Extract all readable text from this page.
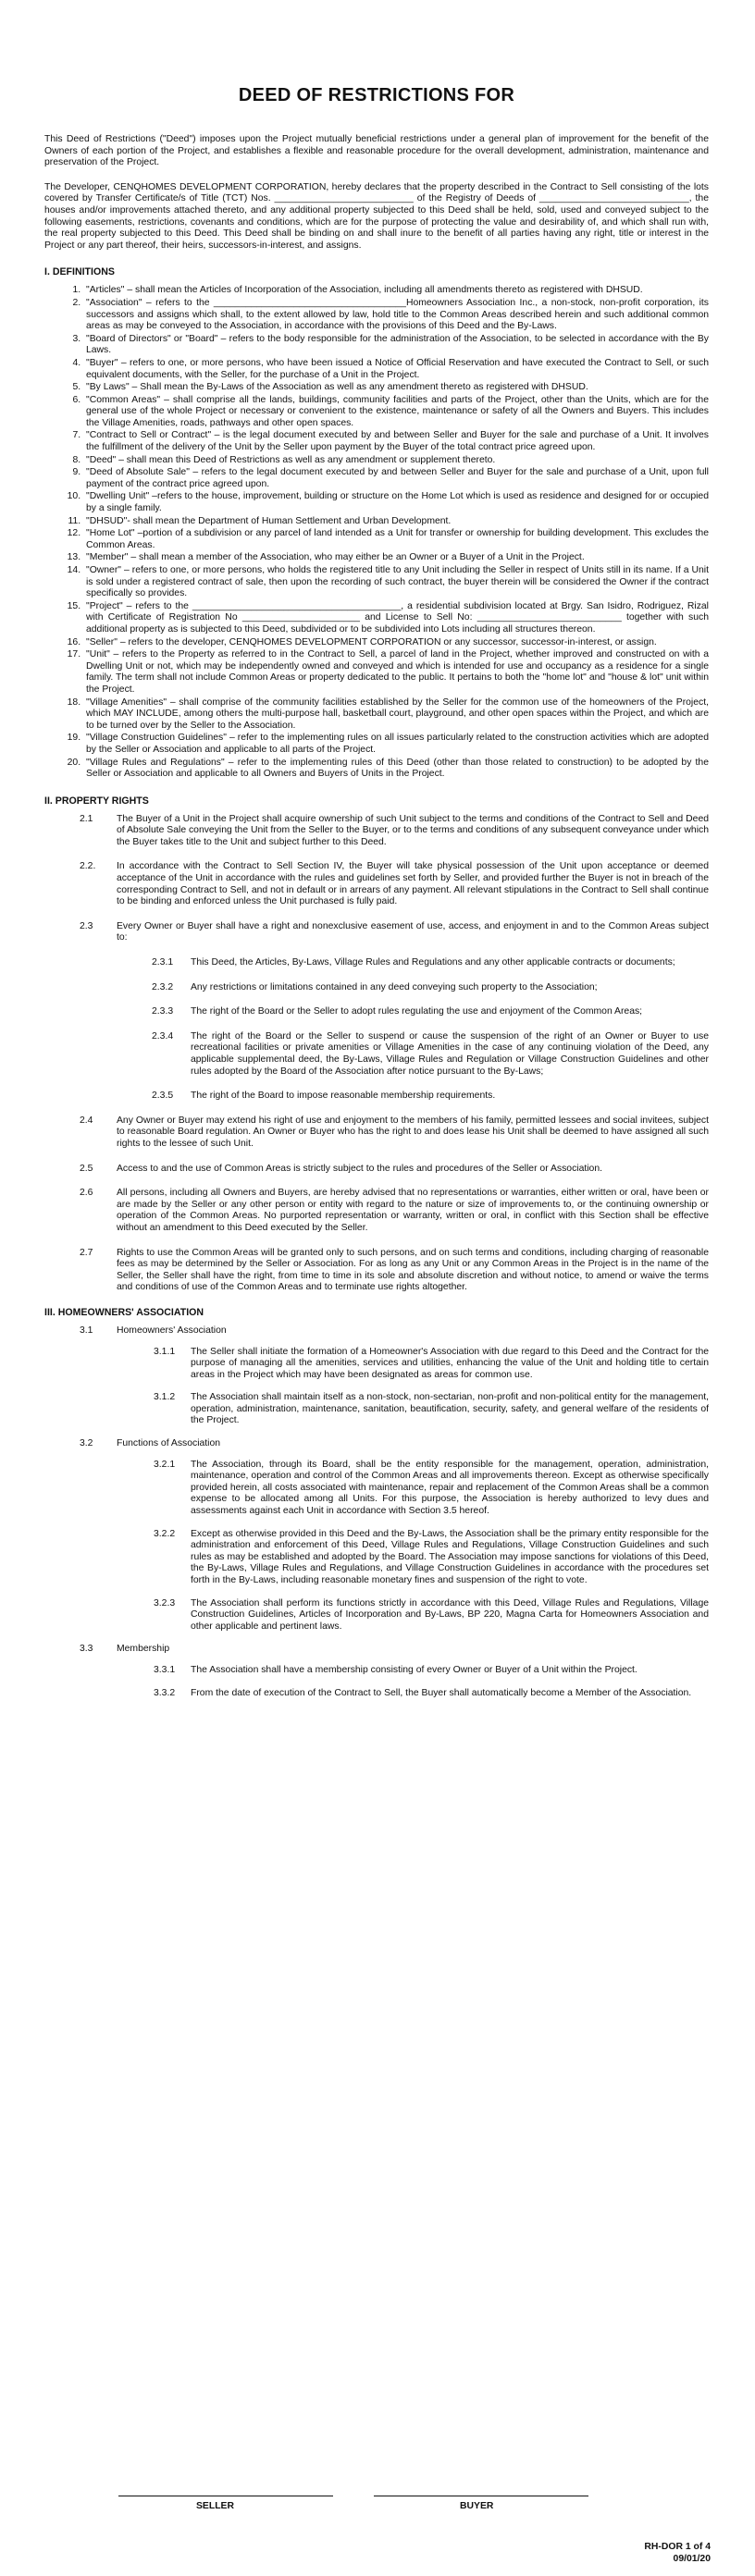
DEED OF RESTRICTIONS FOR

This Deed of Restrictions ("Deed") imposes upon the Project mutually beneficial restrictions under a general plan of improvement for the benefit of the Owners of each portion of the Project, and establishes a flexible and reasonable procedure for the overall development, administration, maintenance and preservation of the Project.

The Developer, CENQHOMES DEVELOPMENT CORPORATION, hereby declares that the property described in the Contract to Sell consisting of the lots covered by Transfer Certificate/s of Title (TCT) Nos. __________________________ of the Registry of Deeds of ____________________________, the houses and/or improvements attached thereto, and any additional property subjected to this Deed shall be held, sold, used and conveyed subject to the following easements, restrictions, covenants and conditions, which are for the purpose of protecting the value and desirability of, and which shall run with, the real property subjected to this Deed. This Deed shall be binding on and shall inure to the benefit of all parties having any right, title or interest in the Project or any part thereof, their heirs, successors-in-interest, and assigns.

I. DEFINITIONS
1. "Articles" – shall mean the Articles of Incorporation of the Association, including all amendments thereto as registered with DHSUD.
2. "Association" – refers to the ____________________________________Homeowners Association Inc., a non-stock, non-profit corporation, its successors and assigns which shall, to the extent allowed by law, hold title to the Common Areas described herein and such additional common areas as may be conveyed to the Association, in accordance with the provisions of this Deed and the By-Laws.
3. "Board of Directors" or "Board" – refers to the body responsible for the administration of the Association, to be selected in accordance with the By Laws.
4. "Buyer" – refers to one, or more persons, who have been issued a Notice of Official Reservation and have executed the Contract to Sell, or such equivalent documents, with the Seller, for the purchase of a Unit in the Project.
5. "By Laws" – Shall mean the By-Laws of the Association as well as any amendment thereto as registered with DHSUD.
6. "Common Areas" – shall comprise all the lands, buildings, community facilities and parts of the Project, other than the Units, which are for the general use of the whole Project or necessary or convenient to the existence, maintenance or safety of all the Owners and Buyers. This includes the Village Amenities, roads, pathways and other open spaces.
7. "Contract to Sell or Contract" – is the legal document executed by and between Seller and Buyer for the sale and purchase of a Unit. It involves the fulfillment of the delivery of the Unit by the Seller upon payment by the Buyer of the total contract price agreed upon.
8. "Deed" – shall mean this Deed of Restrictions as well as any amendment or supplement thereto.
9. "Deed of Absolute Sale" – refers to the legal document executed by and between Seller and Buyer for the sale and purchase of a Unit, upon full payment of the contract price agreed upon.
10. "Dwelling Unit" –refers to the house, improvement, building or structure on the Home Lot which is used as residence and designed for or occupied by a single family.
11. "DHSUD"- shall mean the Department of Human Settlement and Urban Development.
12. "Home Lot" –portion of a subdivision or any parcel of land intended as a Unit for transfer or ownership for building development. This excludes the Common Areas.
13. "Member" – shall mean a member of the Association, who may either be an Owner or a Buyer of a Unit in the Project.
14. "Owner" – refers to one, or more persons, who holds the registered title to any Unit including the Seller in respect of Units still in its name. If a Unit is sold under a registered contract of sale, then upon the recording of such contract, the buyer therein will be considered the Owner if the contract specifically so provides.
15. "Project" – refers to the _______________________________________, a residential subdivision located at Brgy. San Isidro, Rodriguez, Rizal with Certificate of Registration No ______________________ and License to Sell No: ___________________________ together with such additional property as is subjected to this Deed, subdivided or to be subdivided into Lots including all structures thereon.
16. "Seller" – refers to the developer, CENQHOMES DEVELOPMENT CORPORATION or any successor, successor-in-interest, or assign.
17. "Unit" – refers to the Property as referred to in the Contract to Sell, a parcel of land in the Project, whether improved and constructed on with a Dwelling Unit or not, which may be independently owned and conveyed and which is intended for use and occupancy as a residence for a single family. The term shall not include Common Areas or property dedicated to the public. It pertains to both the "home lot" and "house & lot" unit within the Project.
18. "Village Amenities" – shall comprise of the community facilities established by the Seller for the common use of the homeowners of the Project, which MAY INCLUDE, among others the multi-purpose hall, basketball court, playground, and other open spaces within the Project, and which are to be turned over by the Seller to the Association.
19. "Village Construction Guidelines" – refer to the implementing rules on all issues particularly related to the construction activities which are adopted by the Seller or Association and applicable to all parts of the Project.
20. "Village Rules and Regulations" – refer to the implementing rules of this Deed (other than those related to construction) to be adopted by the Seller or Association and applicable to all Owners and Buyers of Units in the Project.
II. PROPERTY RIGHTS
2.1	The Buyer of a Unit in the Project shall acquire ownership of such Unit subject to the terms and conditions of the Contract to Sell and Deed of Absolute Sale conveying the Unit from the Seller to the Buyer, or to the terms and conditions of any subsequent conveyance under which the Buyer takes title to the Unit and subject further to this Deed.
2.2.	In accordance with the Contract to Sell Section IV, the Buyer will take physical possession of the Unit upon acceptance or deemed acceptance of the Unit in accordance with the rules and guidelines set forth by Seller, and provided further the Buyer is not in breach of the corresponding Contract to Sell, and not in default or in arrears of any payment. All relevant stipulations in the Contract to Sell shall continue to be binding and enforced unless the Unit purchased is fully paid.
2.3	Every Owner or Buyer shall have a right and nonexclusive easement of use, access, and enjoyment in and to the Common Areas subject to:
2.3.1	This Deed, the Articles, By-Laws, Village Rules and Regulations and any other applicable contracts or documents;
2.3.2	Any restrictions or limitations contained in any deed conveying such property to the Association;
2.3.3	The right of the Board or the Seller to adopt rules regulating the use and enjoyment of the Common Areas;
2.3.4	The right of the Board or the Seller to suspend or cause the suspension of the right of an Owner or Buyer to use recreational facilities or private amenities or Village Amenities in the case of any continuing violation of the Deed, any applicable supplemental deed, the By-Laws, Village Rules and Regulation or Village Construction Guidelines and other rules adopted by the Board of the Association after notice pursuant to the By-Laws;
2.3.5	The right of the Board to impose reasonable membership requirements.
2.4	Any Owner or Buyer may extend his right of use and enjoyment to the members of his family, permitted lessees and social invitees, subject to reasonable Board regulation. An Owner or Buyer who has the right to and does lease his Unit shall be deemed to have assigned all such rights to the lessee of such Unit.
2.5	Access to and the use of Common Areas is strictly subject to the rules and procedures of the Seller or Association.
2.6	All persons, including all Owners and Buyers, are hereby advised that no representations or warranties, either written or oral, have been or are made by the Seller or any other person or entity with regard to the nature or size of improvements to, or the continuing ownership or operation of the Common Areas. No purported representation or warranty, written or oral, in conflict with this Section shall be effective without an amendment to this Deed executed by the Seller.
2.7	Rights to use the Common Areas will be granted only to such persons, and on such terms and conditions, including charging of reasonable fees as may be determined by the Seller or Association. For as long as any Unit or any Common Areas in the Project is in the name of the Seller, the Seller shall have the right, from time to time in its sole and absolute discretion and without notice, to amend or waive the terms and conditions of use of the Common Areas and to terminate use rights altogether.
III. HOMEOWNERS' ASSOCIATION
3.1	Homeowners' Association
3.1.1	The Seller shall initiate the formation of a Homeowner's Association with due regard to this Deed and the Contract for the purpose of managing all the amenities, services and utilities, enhancing the value of the Unit and holding title to certain areas in the Project which may have been designated as areas for common use.
3.1.2	The Association shall maintain itself as a non-stock, non-sectarian, non-profit and non-political entity for the management, operation, administration, maintenance, sanitation, beautification, security, safety, and general welfare of the residents of the Project.
3.2	Functions of Association
3.2.1	The Association, through its Board, shall be the entity responsible for the management, operation, administration, maintenance, operation and control of the Common Areas and all improvements thereon. Except as otherwise specifically provided herein, all costs associated with maintenance, repair and replacement of the Common Areas shall be a common expense to be allocated among all Units. For this purpose, the Association is hereby authorized to levy dues and assessments against each Unit in accordance with Section 3.5 hereof.
3.2.2	Except as otherwise provided in this Deed and the By-Laws, the Association shall be the primary entity responsible for the administration and enforcement of this Deed, Village Rules and Regulations, Village Construction Guidelines and such rules as may be established and adopted by the Board. The Association may impose sanctions for violations of this Deed, the By-Laws, Village Rules and Regulations, and Village Construction Guidelines in accordance with the procedures set forth in the By-Laws, including reasonable monetary fines and suspension of the right to vote.
3.2.3	The Association shall perform its functions strictly in accordance with this Deed, Village Rules and Regulations, Village Construction Guidelines, Articles of Incorporation and By-Laws, BP 220, Magna Carta for Homeowners Association and other applicable and pertinent laws.
3.3	Membership
3.3.1	The Association shall have a membership consisting of every Owner or Buyer of a Unit within the Project.
3.3.2	From the date of execution of the Contract to Sell, the Buyer shall automatically become a Member of the Association.
SELLER	BUYER
RH-DOR 1 of 4
09/01/20
